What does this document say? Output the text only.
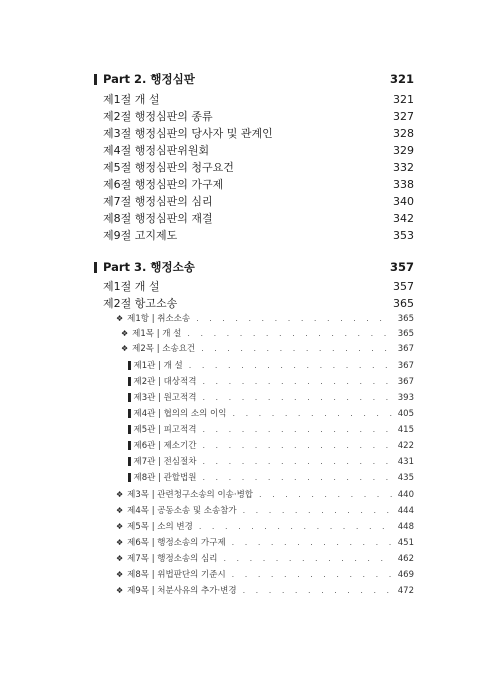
Part 2. 행정심판	321
제1절 개 설	321
제2절 행정심판의 종류	327
제3절 행정심판의 당사자 및 관계인	328
제4절 행정심판위원회	329
제5절 행정심판의 청구요건	332
제6절 행정심판의 가구제	338
제7절 행정심판의 심리	340
제8절 행정심판의 재결	342
제9절 고지제도	353
Part 3. 행정소송	357
제1절 개 설	357
제2절 항고소송	365
❖ 제1항 | 취소소송 . . .	365
❖ 제1목 | 개 설 . . .	365
❖ 제2목 | 소송요건 . . .	367
제1관 | 개 설 . . .	367
제2관 | 대상적격 . . .	367
제3관 | 원고적격 . . .	393
제4관 | 협의의 소의 이익 . . .	405
제5관 | 피고적격 . . .	415
제6관 | 제소기간 . . .	422
제7관 | 전심절차 . . .	431
제8관 | 관할법원 . . .	435
❖ 제3목 | 관련청구소송의 이송·병합 . . .	440
❖ 제4목 | 공동소송 및 소송참가 . . .	444
❖ 제5목 | 소의 변경 . . .	448
❖ 제6목 | 행정소송의 가구제 . . .	451
❖ 제7목 | 행정소송의 심리 . . .	462
❖ 제8목 | 위법판단의 기준시 . . .	469
❖ 제9목 | 처분사유의 추가·변경 . . .	472
